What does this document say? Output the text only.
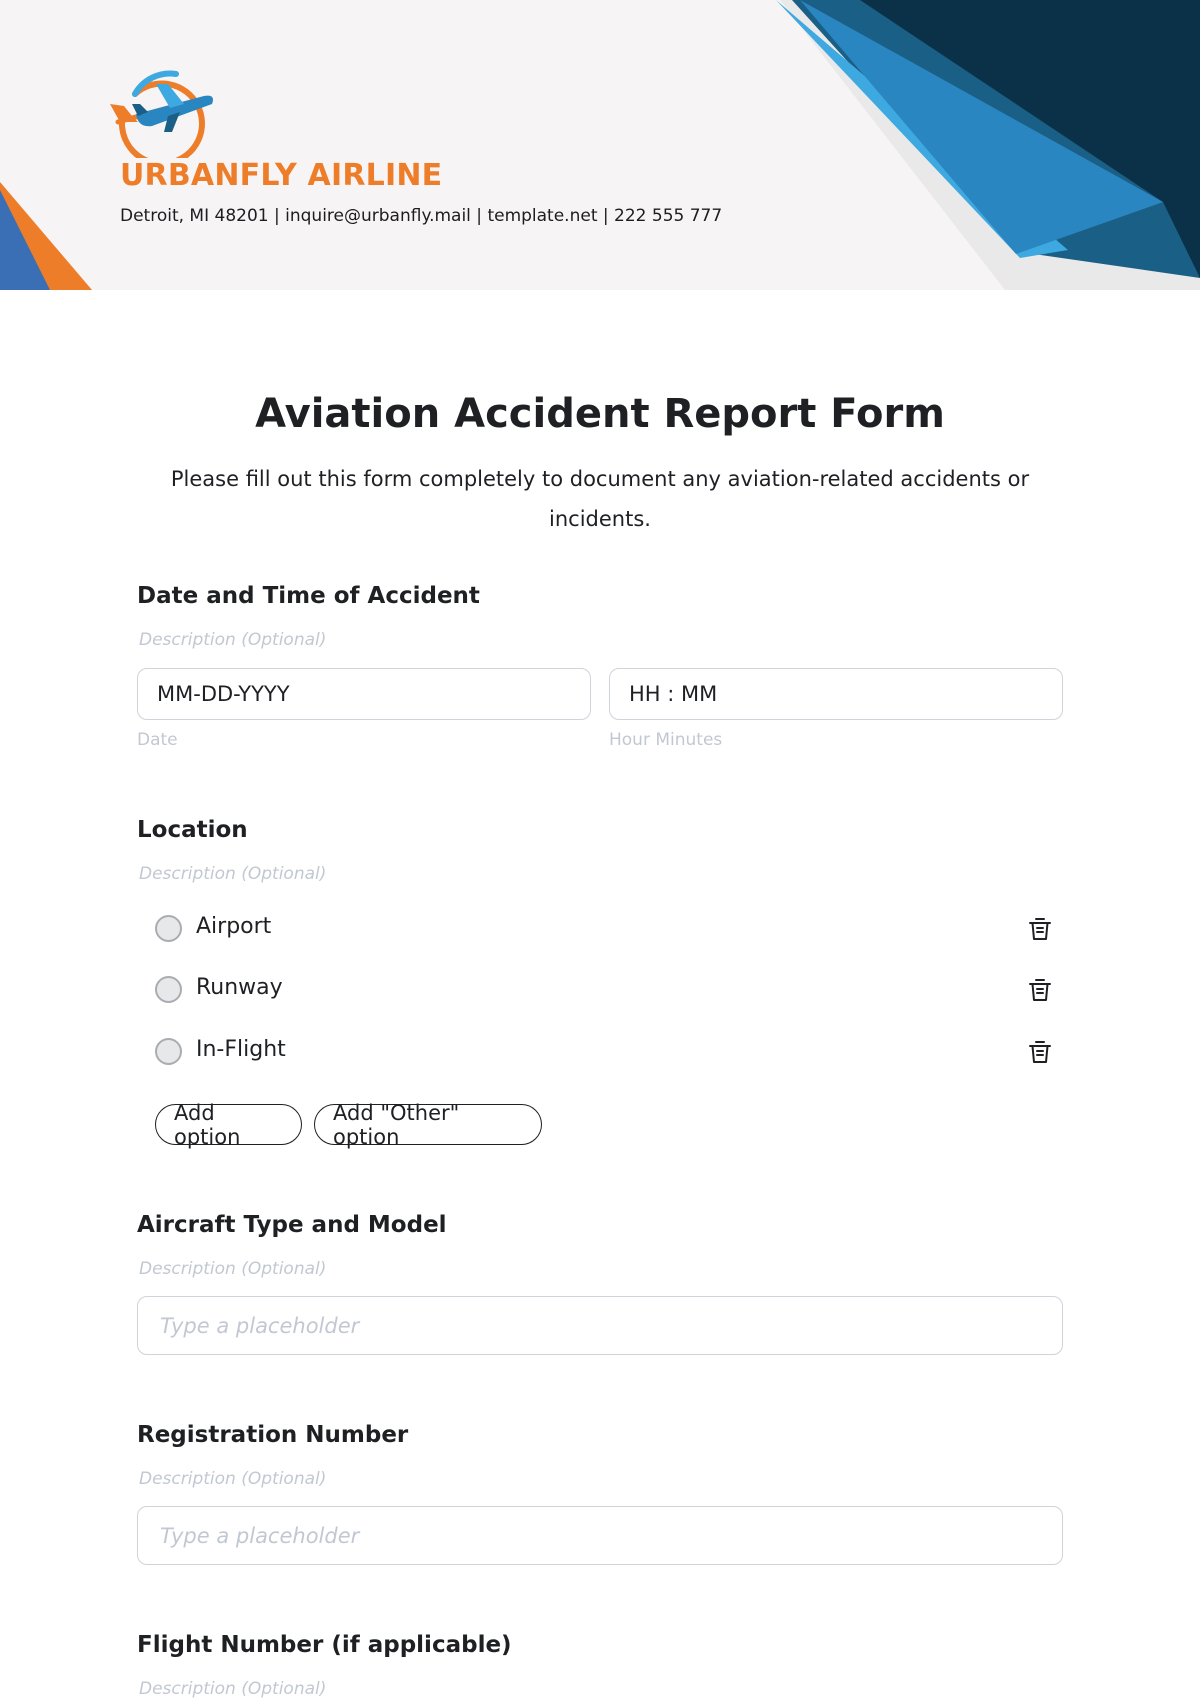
URBANFLY AIRLINE
Detroit, MI 48201 | inquire@urbanfly.mail | template.net | 222 555 777
Aviation Accident Report Form

Please fill out this form completely to document any aviation-related accidents or incidents.

Date and Time of Accident
Description (Optional)
MM-DD-YYYY	HH : MM
Date	Hour Minutes
Location
Description (Optional)
Airport
Runway
In-Flight
Add option
Add "Other" option
Aircraft Type and Model
Description (Optional)
Type a placeholder
Registration Number
Description (Optional)
Type a placeholder
Flight Number (if applicable)
Description (Optional)
